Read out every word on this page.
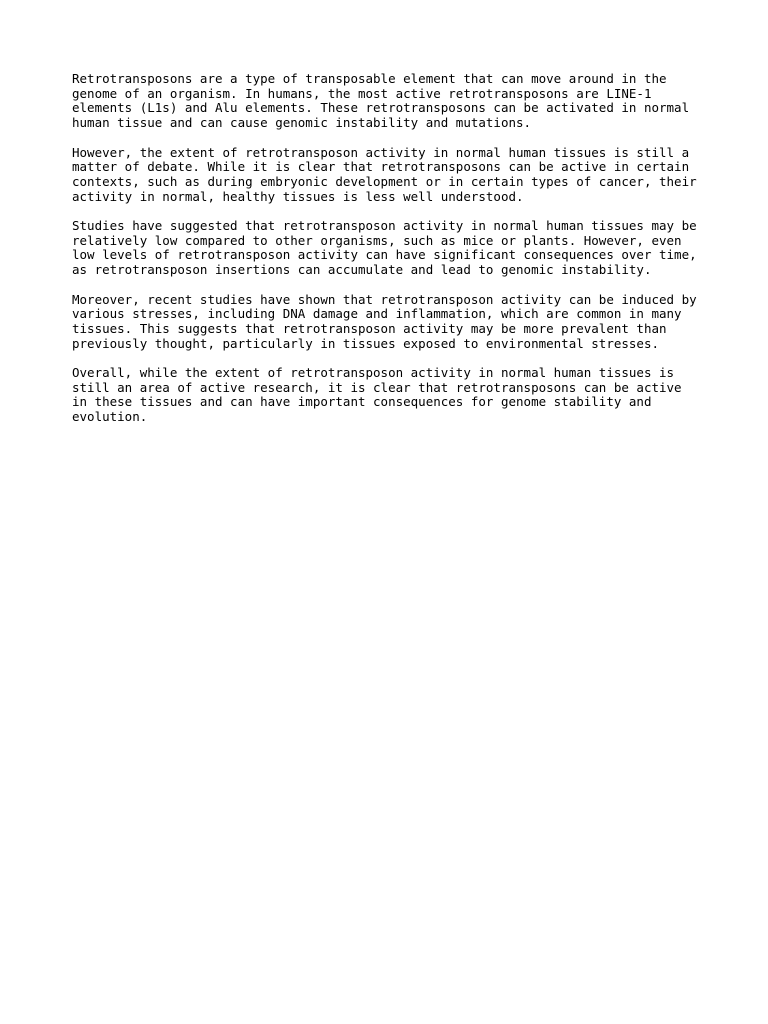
Retrotransposons are a type of transposable element that can move around in the
genome of an organism. In humans, the most active retrotransposons are LINE-1
elements (L1s) and Alu elements. These retrotransposons can be activated in normal
human tissue and can cause genomic instability and mutations.

However, the extent of retrotransposon activity in normal human tissues is still a
matter of debate. While it is clear that retrotransposons can be active in certain
contexts, such as during embryonic development or in certain types of cancer, their
activity in normal, healthy tissues is less well understood.

Studies have suggested that retrotransposon activity in normal human tissues may be
relatively low compared to other organisms, such as mice or plants. However, even
low levels of retrotransposon activity can have significant consequences over time,
as retrotransposon insertions can accumulate and lead to genomic instability.

Moreover, recent studies have shown that retrotransposon activity can be induced by
various stresses, including DNA damage and inflammation, which are common in many
tissues. This suggests that retrotransposon activity may be more prevalent than
previously thought, particularly in tissues exposed to environmental stresses.

Overall, while the extent of retrotransposon activity in normal human tissues is
still an area of active research, it is clear that retrotransposons can be active
in these tissues and can have important consequences for genome stability and
evolution.
